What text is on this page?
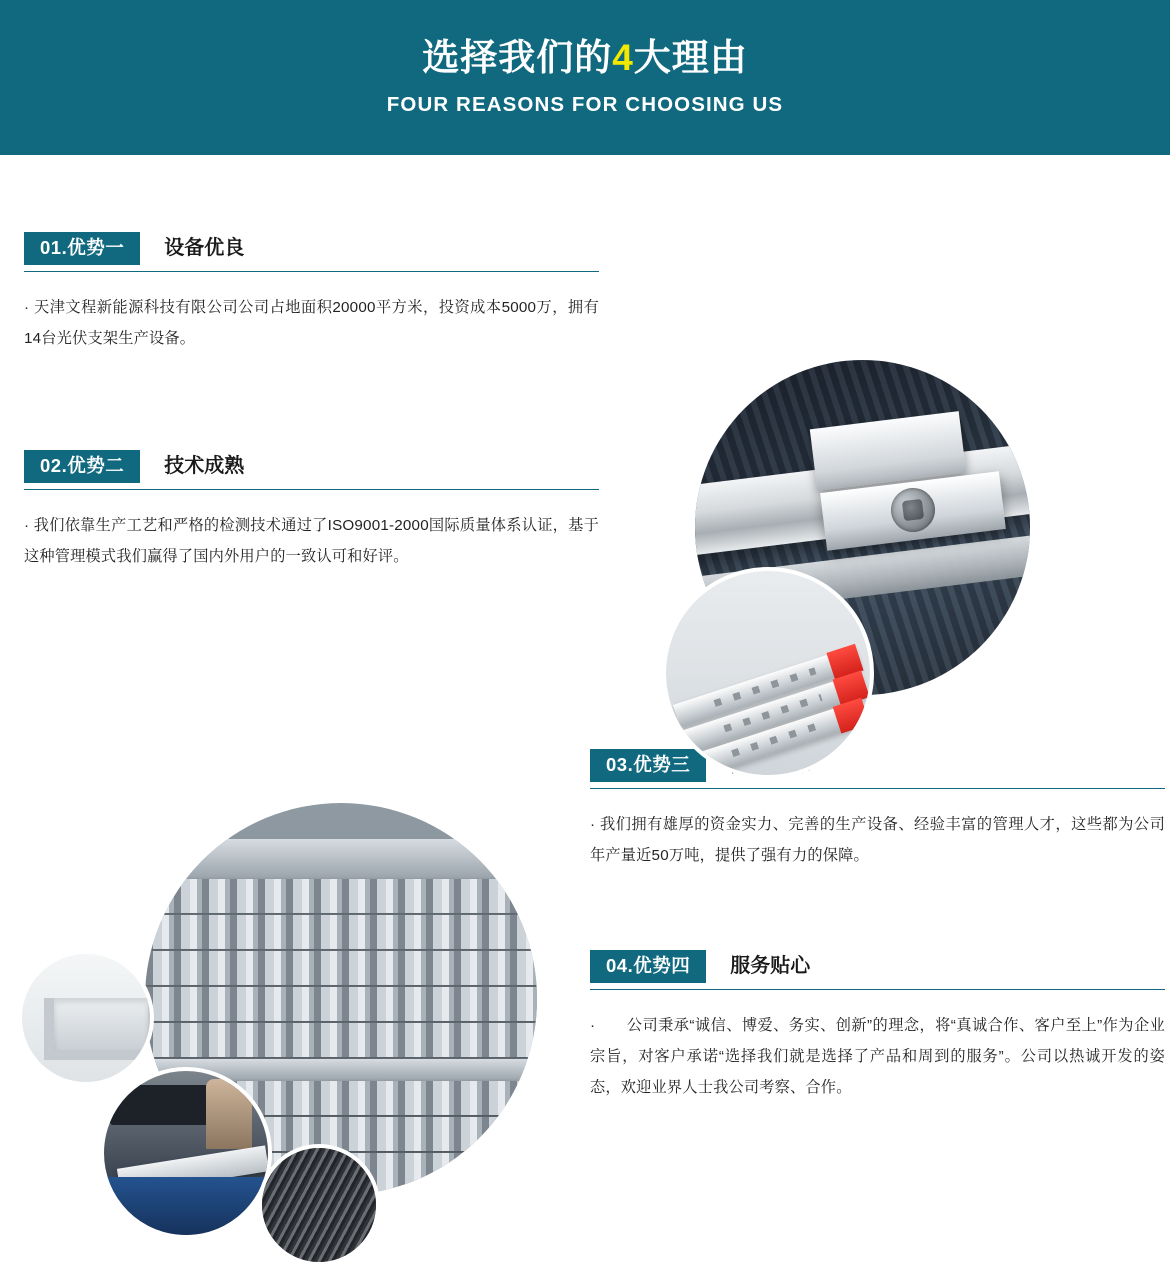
选择我们的4大理由
FOUR REASONS FOR CHOOSING US
01.优势一	设备优良
· 天津文程新能源科技有限公司公司占地面积20000平方米，投资成本5000万，拥有14台光伏支架生产设备。
02.优势二	技术成熟
· 我们依靠生产工艺和严格的检测技术通过了ISO9001-2000国际质量体系认证，基于这种管理模式我们赢得了国内外用户的一致认可和好评。
03.优势三
· 我们拥有雄厚的资金实力、完善的生产设备、经验丰富的管理人才，这些都为公司年产量近50万吨，提供了强有力的保障。
04.优势四	服务贴心
·　　公司秉承“诚信、博爱、务实、创新”的理念，将“真诚合作、客户至上”作为企业宗旨，对客户承诺“选择我们就是选择了产品和周到的服务”。公司以热诚开发的姿态，欢迎业界人士我公司考察、合作。
